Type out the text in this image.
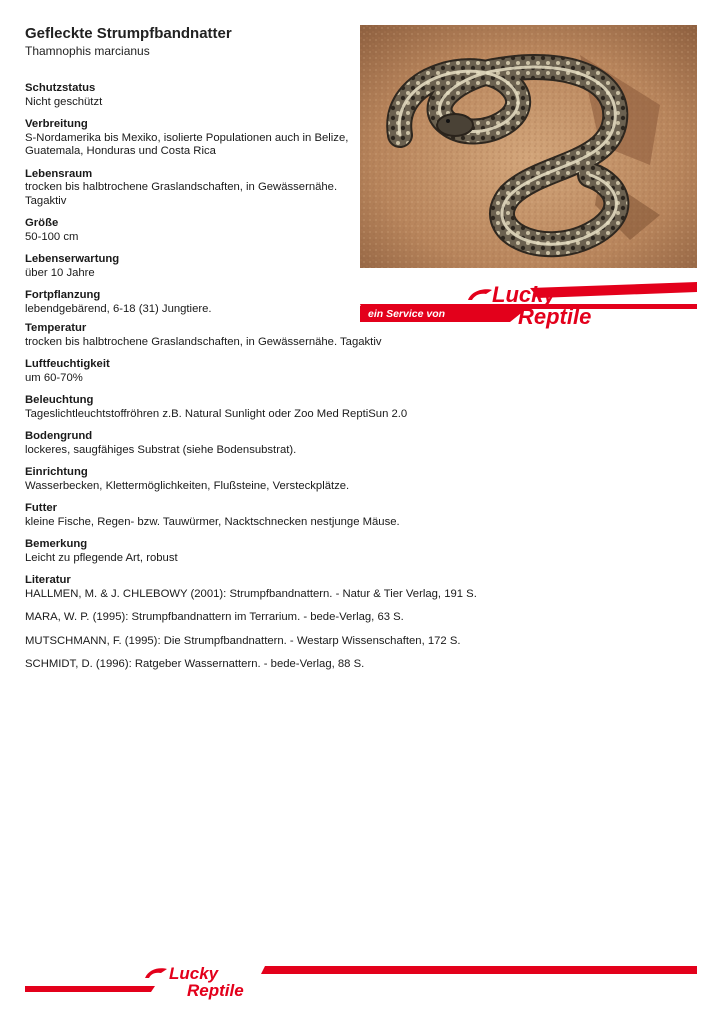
Gefleckte Strumpfbandnatter
Thamnophis marcianus
Schutzstatus
Nicht geschützt
Verbreitung
S-Nordamerika bis Mexiko, isolierte Populationen auch in Belize, Guatemala, Honduras und Costa Rica
Lebensraum
trocken bis halbtrochene Graslandschaften, in Gewässernähe. Tagaktiv
Größe
50-100 cm
Lebenserwartung
über 10 Jahre
Fortpflanzung
lebendgebärend, 6-18 (31) Jungtiere.
Temperatur
trocken bis halbtrochene Graslandschaften, in Gewässernähe. Tagaktiv
Luftfeuchtigkeit
um 60-70%
Beleuchtung
Tageslichtleuchtstoffröhren z.B. Natural Sunlight oder Zoo Med ReptiSun 2.0
Bodengrund
lockeres, saugfähiges Substrat (siehe Bodensubstrat).
Einrichtung
Wasserbecken, Klettermöglichkeiten, Flußsteine, Versteckplätze.
Futter
kleine Fische, Regen- bzw. Tauwürmer, Nacktschnecken nestjunge Mäuse.
Bemerkung
Leicht zu pflegende Art, robust
Literatur
HALLMEN, M. & J. CHLEBOWY (2001): Strumpfbandnattern. - Natur & Tier Verlag, 191 S.
MARA, W. P. (1995): Strumpfbandnattern im Terrarium. - bede-Verlag, 63 S.
MUTSCHMANN, F. (1995): Die Strumpfbandnattern. - Westarp Wissenschaften, 172 S.
SCHMIDT, D. (1996): Ratgeber Wassernattern. - bede-Verlag, 88 S.
ein Service von
Lucky
Reptile
Lucky
Reptile
